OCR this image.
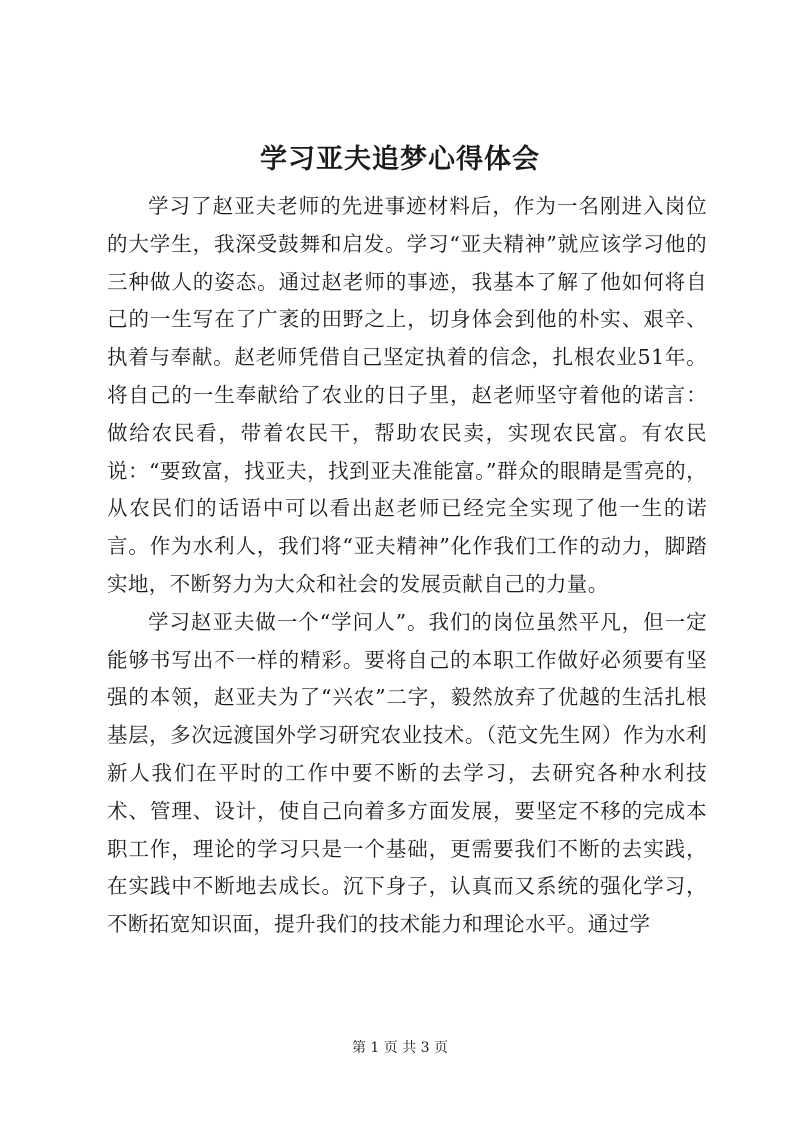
学习亚夫追梦心得体会

学习了赵亚夫老师的先进事迹材料后，作为一名刚进入岗位的大学生，我深受鼓舞和启发。学习“亚夫精神”就应该学习他的三种做人的姿态。通过赵老师的事迹，我基本了解了他如何将自己的一生写在了广袤的田野之上，切身体会到他的朴实、艰辛、执着与奉献。赵老师凭借自己坚定执着的信念，扎根农业51年。将自己的一生奉献给了农业的日子里，赵老师坚守着他的诺言：做给农民看，带着农民干，帮助农民卖，实现农民富。有农民说：“要致富，找亚夫，找到亚夫准能富。”群众的眼睛是雪亮的，从农民们的话语中可以看出赵老师已经完全实现了他一生的诺言。作为水利人，我们将“亚夫精神”化作我们工作的动力，脚踏实地，不断努力为大众和社会的发展贡献自己的力量。

学习赵亚夫做一个“学问人”。我们的岗位虽然平凡，但一定能够书写出不一样的精彩。要将自己的本职工作做好必须要有坚强的本领，赵亚夫为了“兴农”二字，毅然放弃了优越的生活扎根基层，多次远渡国外学习研究农业技术。（范文先生网）作为水利新人我们在平时的工作中要不断的去学习，去研究各种水利技术、管理、设计，使自己向着多方面发展，要坚定不移的完成本职工作，理论的学习只是一个基础，更需要我们不断的去实践，在实践中不断地去成长。沉下身子，认真而又系统的强化学习，不断拓宽知识面，提升我们的技术能力和理论水平。通过学

第 1 页 共 3 页
